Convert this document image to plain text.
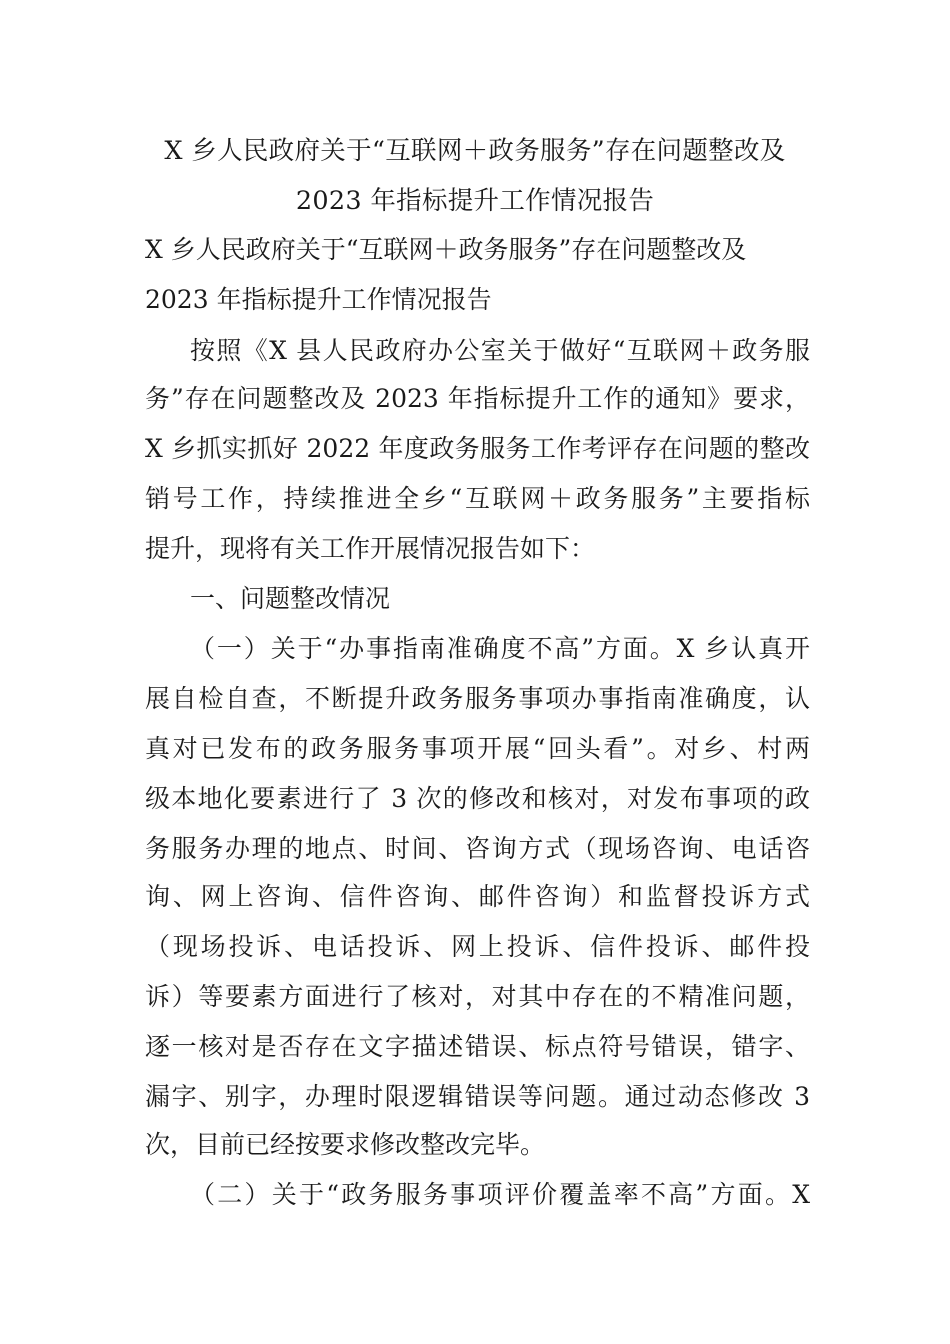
X 乡人民政府关于“互联网＋政务服务”存在问题整改及
2023 年指标提升工作情况报告
X 乡人民政府关于“互联网＋政务服务”存在问题整改及
2023 年指标提升工作情况报告
按照《X 县人民政府办公室关于做好“互联网＋政务服
务”存在问题整改及 2023 年指标提升工作的通知》要求，
X 乡抓实抓好 2022 年度政务服务工作考评存在问题的整改
销号工作，持续推进全乡“互联网＋政务服务”主要指标
提升，现将有关工作开展情况报告如下：
一、问题整改情况
（一）关于“办事指南准确度不高”方面。X 乡认真开
展自检自查，不断提升政务服务事项办事指南准确度，认
真对已发布的政务服务事项开展“回头看”。对乡、村两
级本地化要素进行了 3 次的修改和核对，对发布事项的政
务服务办理的地点、时间、咨询方式（现场咨询、电话咨
询、网上咨询、信件咨询、邮件咨询）和监督投诉方式
（现场投诉、电话投诉、网上投诉、信件投诉、邮件投
诉）等要素方面进行了核对，对其中存在的不精准问题，
逐一核对是否存在文字描述错误、标点符号错误，错字、
漏字、别字，办理时限逻辑错误等问题。通过动态修改 3
次，目前已经按要求修改整改完毕。
（二）关于“政务服务事项评价覆盖率不高”方面。X
